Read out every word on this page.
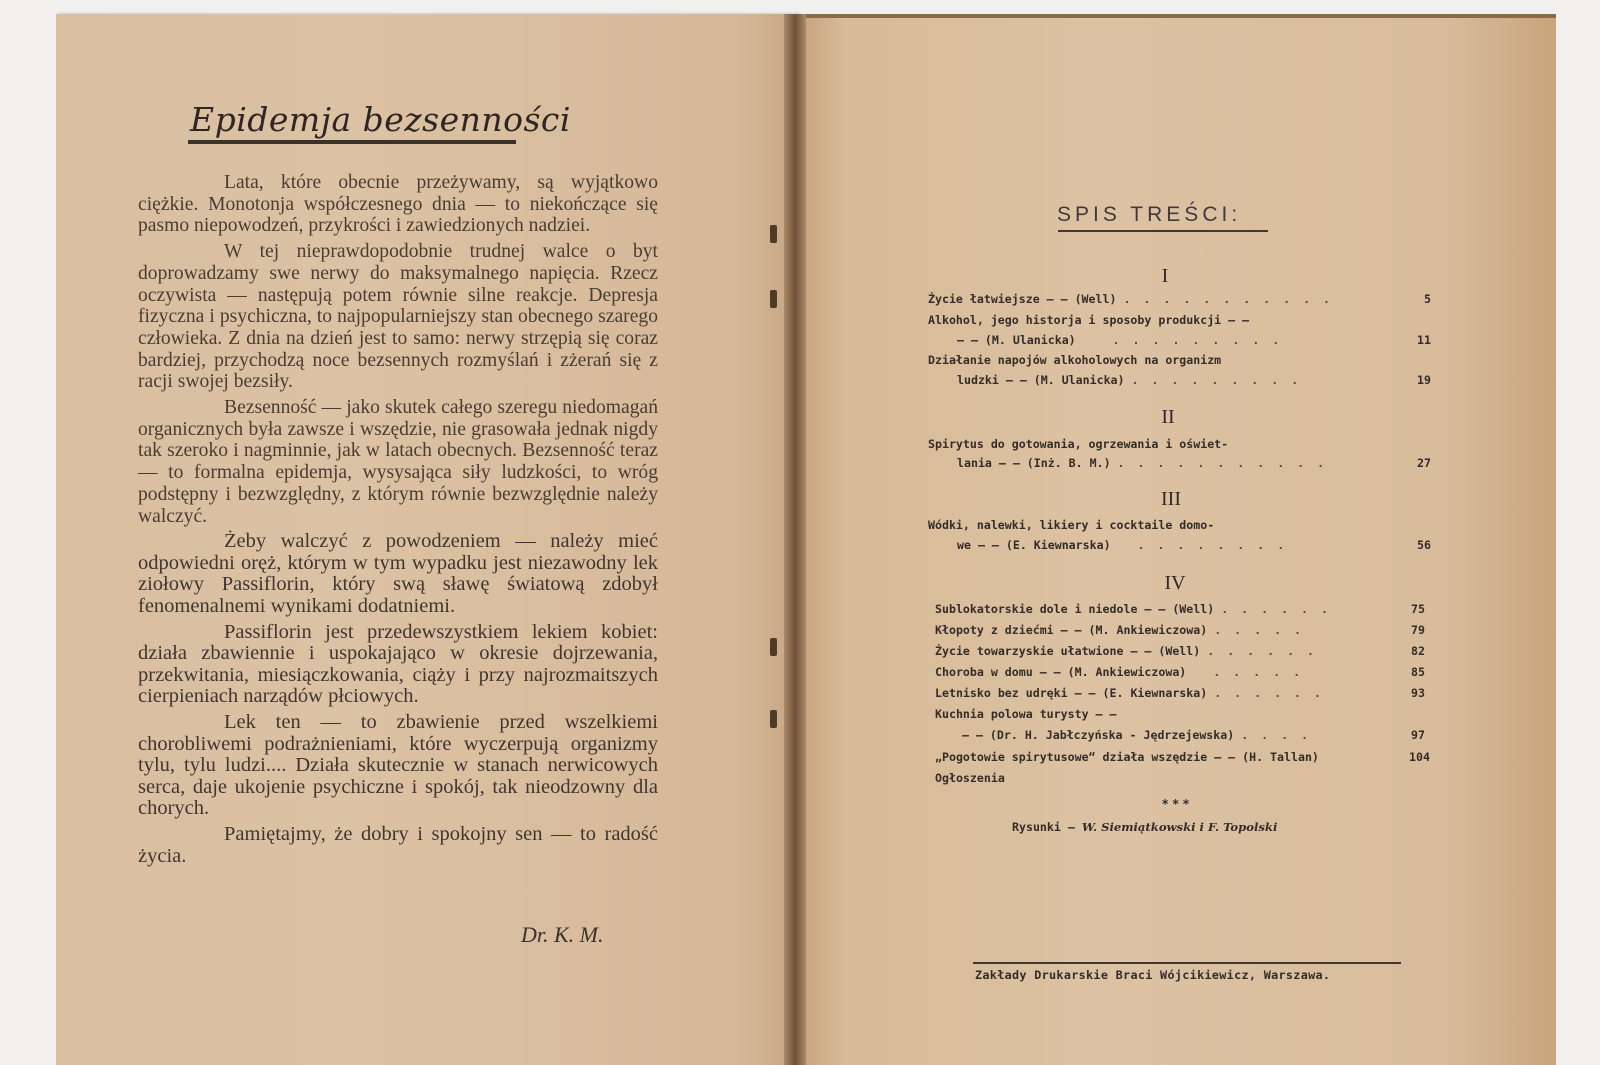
Epidemja bezsenności

Lata, które obecnie przeżywamy, są wyjątkowo ciężkie. Monotonja współczesnego dnia — to niekończące się pasmo niepowodzeń, przykrości i zawiedzionych nadziei.

W tej nieprawdopodobnie trudnej walce o byt doprowadzamy swe nerwy do maksymalnego napięcia. Rzecz oczywista — następują potem równie silne reakcje. Depresja fizyczna i psychiczna, to najpopularniejszy stan obecnego szarego człowieka. Z dnia na dzień jest to samo: nerwy strzępią się coraz bardziej, przychodzą noce bezsennych rozmyślań i zżerań się z racji swojej bezsiły.

Bezsenność — jako skutek całego szeregu niedomagań organicznych była zawsze i wszędzie, nie grasowała jednak nigdy tak szeroko i nagminnie, jak w latach obecnych. Bezsenność teraz — to formalna epidemja, wysysająca siły ludzkości, to wróg podstępny i bezwzględny, z którym równie bezwzględnie należy walczyć.

Żeby walczyć z powodzeniem — należy mieć odpowiedni oręż, którym w tym wypadku jest niezawodny lek ziołowy Passiflorin, który swą sławę światową zdobył fenomenalnemi wynikami dodatniemi.

Passiflorin jest przedewszystkiem lekiem kobiet: działa zbawiennie i uspokajająco w okresie dojrzewania, przekwitania, miesiączkowania, ciąży i przy najrozmaitszych cierpieniach narządów płciowych.

Lek ten — to zbawienie przed wszelkiemi chorobliwemi podrażnieniami, które wyczerpują organizmy tylu, tylu ludzi.... Działa skutecznie w stanach nerwicowych serca, daje ukojenie psychiczne i spokój, tak nieodzowny dla chorych.

Pamiętajmy, że dobry i spokojny sen — to radość życia.

Dr. K. M.

SPIS TREŚCI:

I

Życie łatwiejsze — — (Well) . . . . . . . . . . .	5
Alkohol, jego historja i sposoby produkcji — —
— — (M. Ulanicka)    . . . . . . . . .	11
Działanie napojów alkoholowych na organizm
ludzki — — (M. Ulanicka) . . . . . . . . .	19

II

Spirytus do gotowania, ogrzewania i oświet-
lania — — (Inż. B. M.) . . . . . . . . . . .	27

III

Wódki, nalewki, likiery i cocktaile domo-
we — — (E. Kiewnarska)   . . . . . . . .	56

IV

Sublokatorskie dole i niedole — — (Well) . . . . . .	75
Kłopoty z dziećmi — — (M. Ankiewiczowa) . . . . .	79
Życie towarzyskie ułatwione — — (Well) . . . . . .	82
Choroba w domu — — (M. Ankiewiczowa)   . . . . .	85
Letnisko bez udręki — — (E. Kiewnarska) . . . . . .	93
Kuchnia polowa turysty — —
— — (Dr. H. Jabłczyńska - Jędrzejewska) . . . .	97
„Pogotowie spirytusowe“ działa wszędzie — — (H. Tallan)	104
Ogłoszenia
* * *
Rysunki — W. Siemiątkowski i F. Topolski
Zakłady Drukarskie Braci Wójcikiewicz, Warszawa.
